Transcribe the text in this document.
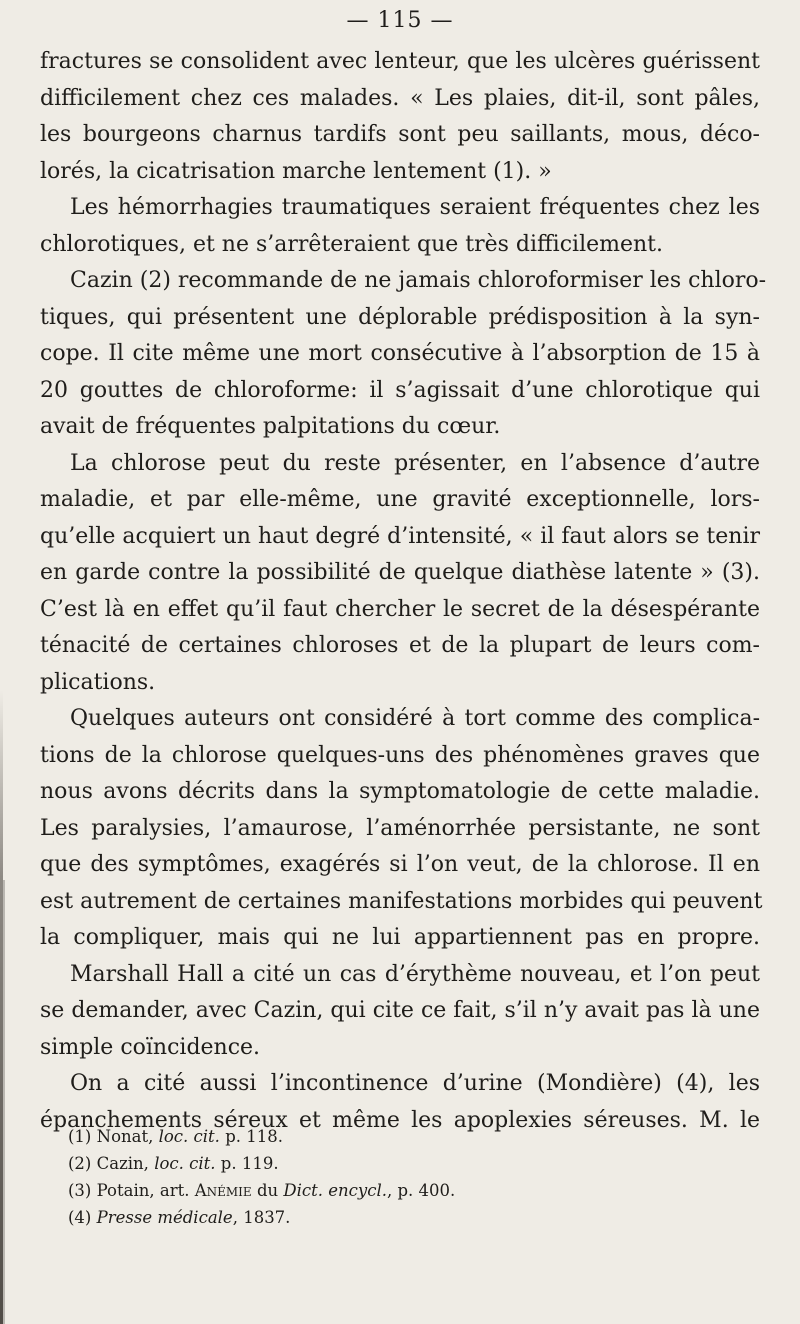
— 115 —
fractures se consolident avec lenteur, que les ulcères guérissent
difficilement chez ces malades. « Les plaies, dit-il, sont pâles,
les bourgeons charnus tardifs sont peu saillants, mous, déco-
lorés, la cicatrisation marche lentement (1). »
Les hémorrhagies traumatiques seraient fréquentes chez les
chlorotiques, et ne s’arrêteraient que très difficilement.
Cazin (2) recommande de ne jamais chloroformiser les chloro-
tiques, qui présentent une déplorable prédisposition à la syn-
cope. Il cite même une mort consécutive à l’absorption de 15 à
20 gouttes de chloroforme: il s’agissait d’une chlorotique qui
avait de fréquentes palpitations du cœur.
La chlorose peut du reste présenter, en l’absence d’autre
maladie, et par elle-même, une gravité exceptionnelle, lors-
qu’elle acquiert un haut degré d’intensité, « il faut alors se tenir
en garde contre la possibilité de quelque diathèse latente » (3).
C’est là en effet qu’il faut chercher le secret de la désespérante
ténacité de certaines chloroses et de la plupart de leurs com-
plications.
Quelques auteurs ont considéré à tort comme des complica-
tions de la chlorose quelques-uns des phénomènes graves que
nous avons décrits dans la symptomatologie de cette maladie.
Les paralysies, l’amaurose, l’aménorrhée persistante, ne sont
que des symptômes, exagérés si l’on veut, de la chlorose. Il en
est autrement de certaines manifestations morbides qui peuvent
la compliquer, mais qui ne lui appartiennent pas en propre.
Marshall Hall a cité un cas d’érythème nouveau, et l’on peut
se demander, avec Cazin, qui cite ce fait, s’il n’y avait pas là une
simple coïncidence.
On a cité aussi l’incontinence d’urine (Mondière) (4), les
épanchements séreux et même les apoplexies séreuses. M. le
(1) Nonat, loc. cit. p. 118.
(2) Cazin, loc. cit. p. 119.
(3) Potain, art. Anémie du Dict. encycl., p. 400.
(4) Presse médicale, 1837.
